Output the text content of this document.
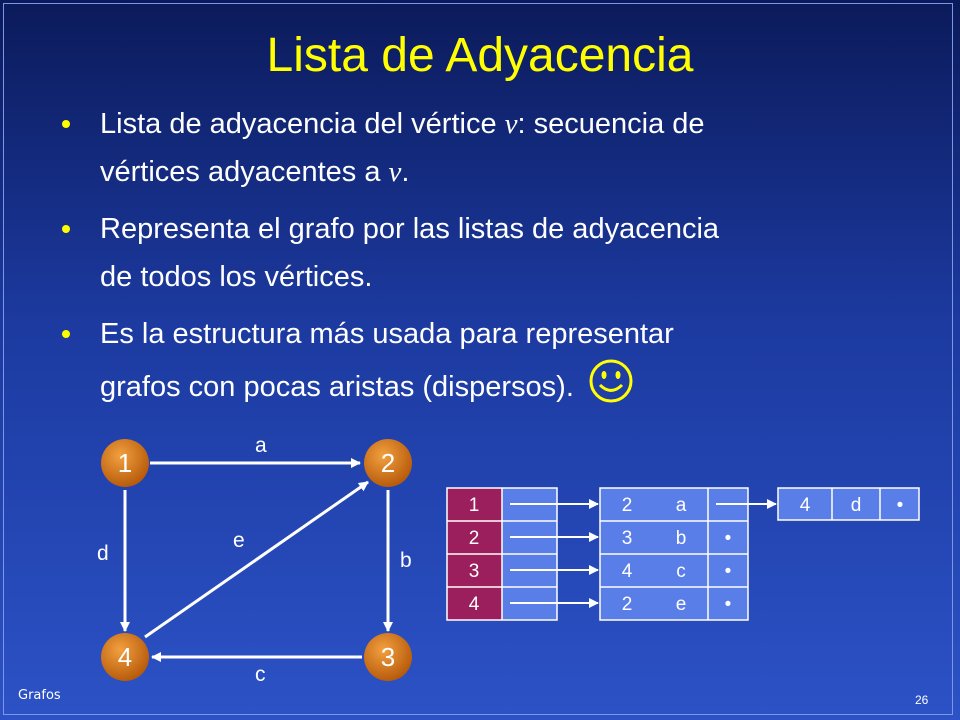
Lista de Adyacencia
Lista de adyacencia del vértice v: secuencia de
vértices adyacentes a v.
Representa el grafo por las listas de adyacencia
de todos los vértices.
Es la estructura más usada para representar
grafos con pocas aristas (dispersos).
a
b
c
d
e
1	2
3
4
1
2
3
4
2 a
3 b
4 c
2 e
•
•
•
4 d •
Grafos	26
